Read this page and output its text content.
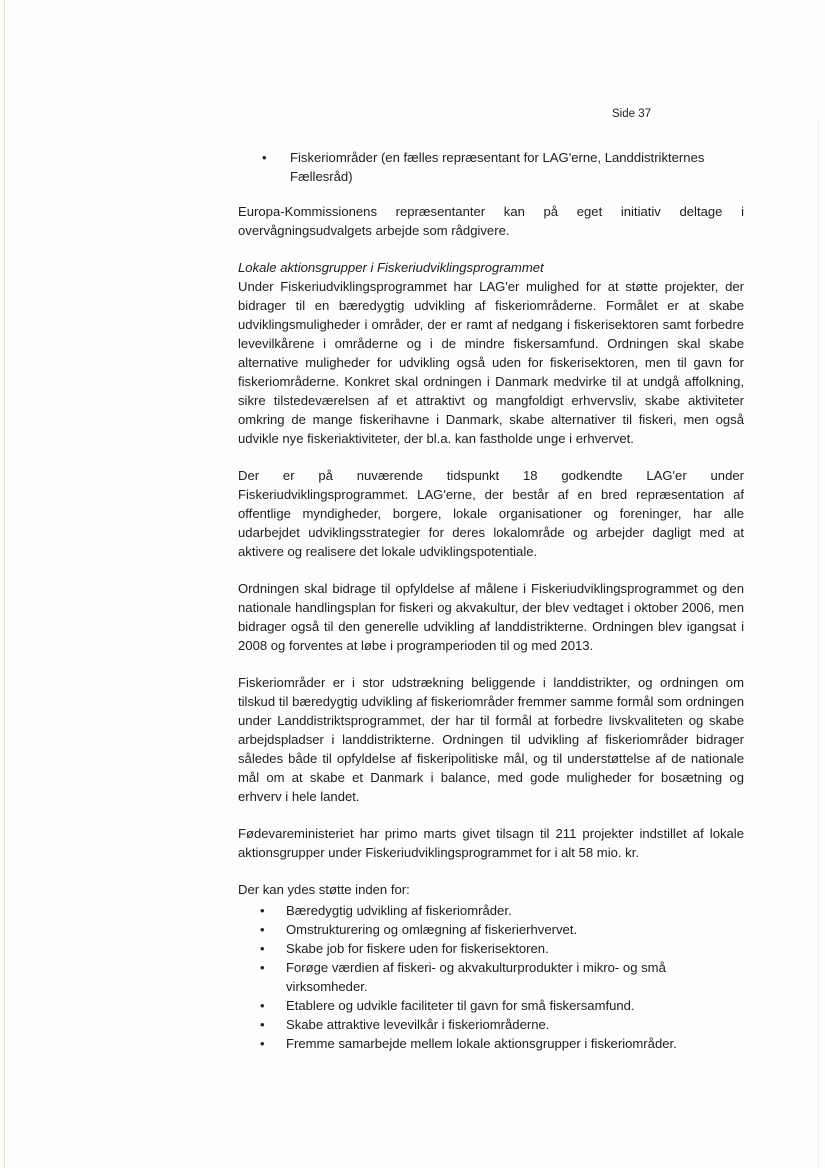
Side 37
• Fiskeriområder (en fælles repræsentant for LAG'erne, Landdistrikternes Fællesråd)

Europa-Kommissionens repræsentanter kan på eget initiativ deltage i overvågningsudvalgets arbejde som rådgivere.

Lokale aktionsgrupper i Fiskeriudviklingsprogrammet

Under Fiskeriudviklingsprogrammet har LAG'er mulighed for at støtte projekter, der bidrager til en bæredygtig udvikling af fiskeriområderne. Formålet er at skabe udviklingsmuligheder i områder, der er ramt af nedgang i fiskerisektoren samt forbedre levevilkårene i områderne og i de mindre fiskersamfund. Ordningen skal skabe alternative muligheder for udvikling også uden for fiskerisektoren, men til gavn for fiskeriområderne. Konkret skal ordningen i Danmark medvirke til at undgå affolkning, sikre tilstedeværelsen af et attraktivt og mangfoldigt erhvervsliv, skabe aktiviteter omkring de mange fiskerihavne i Danmark, skabe alternativer til fiskeri, men også udvikle nye fiskeriaktiviteter, der bl.a. kan fastholde unge i erhvervet.

Der er på nuværende tidspunkt 18 godkendte LAG'er under Fiskeriudviklingsprogrammet. LAG'erne, der består af en bred repræsentation af offentlige myndigheder, borgere, lokale organisationer og foreninger, har alle udarbejdet udviklingsstrategier for deres lokalområde og arbejder dagligt med at aktivere og realisere det lokale udviklingspotentiale.

Ordningen skal bidrage til opfyldelse af målene i Fiskeriudviklingsprogrammet og den nationale handlingsplan for fiskeri og akvakultur, der blev vedtaget i oktober 2006, men bidrager også til den generelle udvikling af landdistrikterne. Ordningen blev igangsat i 2008 og forventes at løbe i programperioden til og med 2013.

Fiskeriområder er i stor udstrækning beliggende i landdistrikter, og ordningen om tilskud til bæredygtig udvikling af fiskeriområder fremmer samme formål som ordningen under Landdistriktsprogrammet, der har til formål at forbedre livskvaliteten og skabe arbejdspladser i landdistrikterne. Ordningen til udvikling af fiskeriområder bidrager således både til opfyldelse af fiskeripolitiske mål, og til understøttelse af de nationale mål om at skabe et Danmark i balance, med gode muligheder for bosætning og erhverv i hele landet.

Fødevareministeriet har primo marts givet tilsagn til 211 projekter indstillet af lokale aktionsgrupper under Fiskeriudviklingsprogrammet for i alt 58 mio. kr.

Der kan ydes støtte inden for:

• Bæredygtig udvikling af fiskeriområder.
• Omstrukturering og omlægning af fiskerierhvervet.
• Skabe job for fiskere uden for fiskerisektoren.
• Forøge værdien af fiskeri- og akvakulturprodukter i mikro- og små virksomheder.
• Etablere og udvikle faciliteter til gavn for små fiskersamfund.
• Skabe attraktive levevilkår i fiskeriområderne.
• Fremme samarbejde mellem lokale aktionsgrupper i fiskeriområder.
